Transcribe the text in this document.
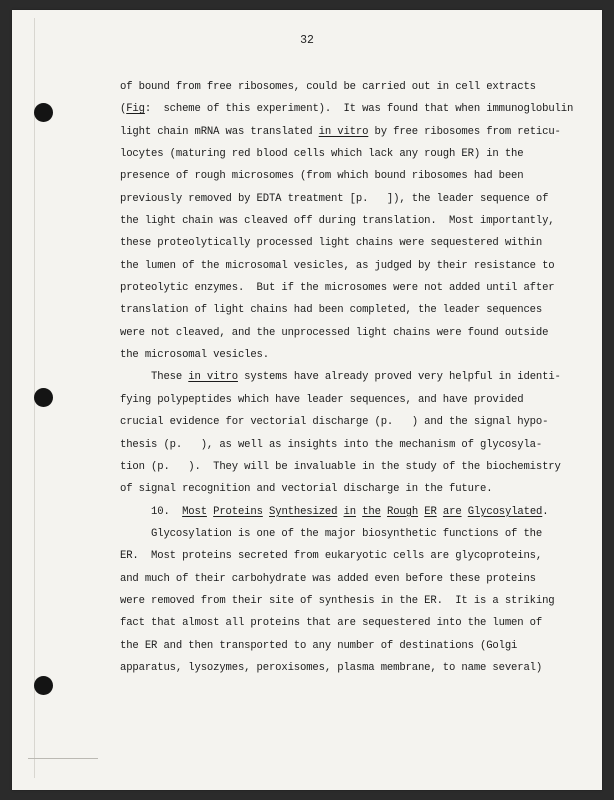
32
of bound from free ribosomes, could be carried out in cell extracts
(Fig:  scheme of this experiment).  It was found that when immunoglobulin
light chain mRNA was translated in vitro by free ribosomes from reticu-
locytes (maturing red blood cells which lack any rough ER) in the
presence of rough microsomes (from which bound ribosomes had been
previously removed by EDTA treatment [p.   ]), the leader sequence of
the light chain was cleaved off during translation.  Most importantly,
these proteolytically processed light chains were sequestered within
the lumen of the microsomal vesicles, as judged by their resistance to
proteolytic enzymes.  But if the microsomes were not added until after
translation of light chains had been completed, the leader sequences
were not cleaved, and the unprocessed light chains were found outside
the microsomal vesicles.
These in vitro systems have already proved very helpful in identi-
fying polypeptides which have leader sequences, and have provided
crucial evidence for vectorial discharge (p.   ) and the signal hypo-
thesis (p.   ), as well as insights into the mechanism of glycosyla-
tion (p.   ).  They will be invaluable in the study of the biochemistry
of signal recognition and vectorial discharge in the future.
10.  Most Proteins Synthesized in the Rough ER are Glycosylated.
Glycosylation is one of the major biosynthetic functions of the
ER.  Most proteins secreted from eukaryotic cells are glycoproteins,
and much of their carbohydrate was added even before these proteins
were removed from their site of synthesis in the ER.  It is a striking
fact that almost all proteins that are sequestered into the lumen of
the ER and then transported to any number of destinations (Golgi
apparatus, lysozymes, peroxisomes, plasma membrane, to name several)
